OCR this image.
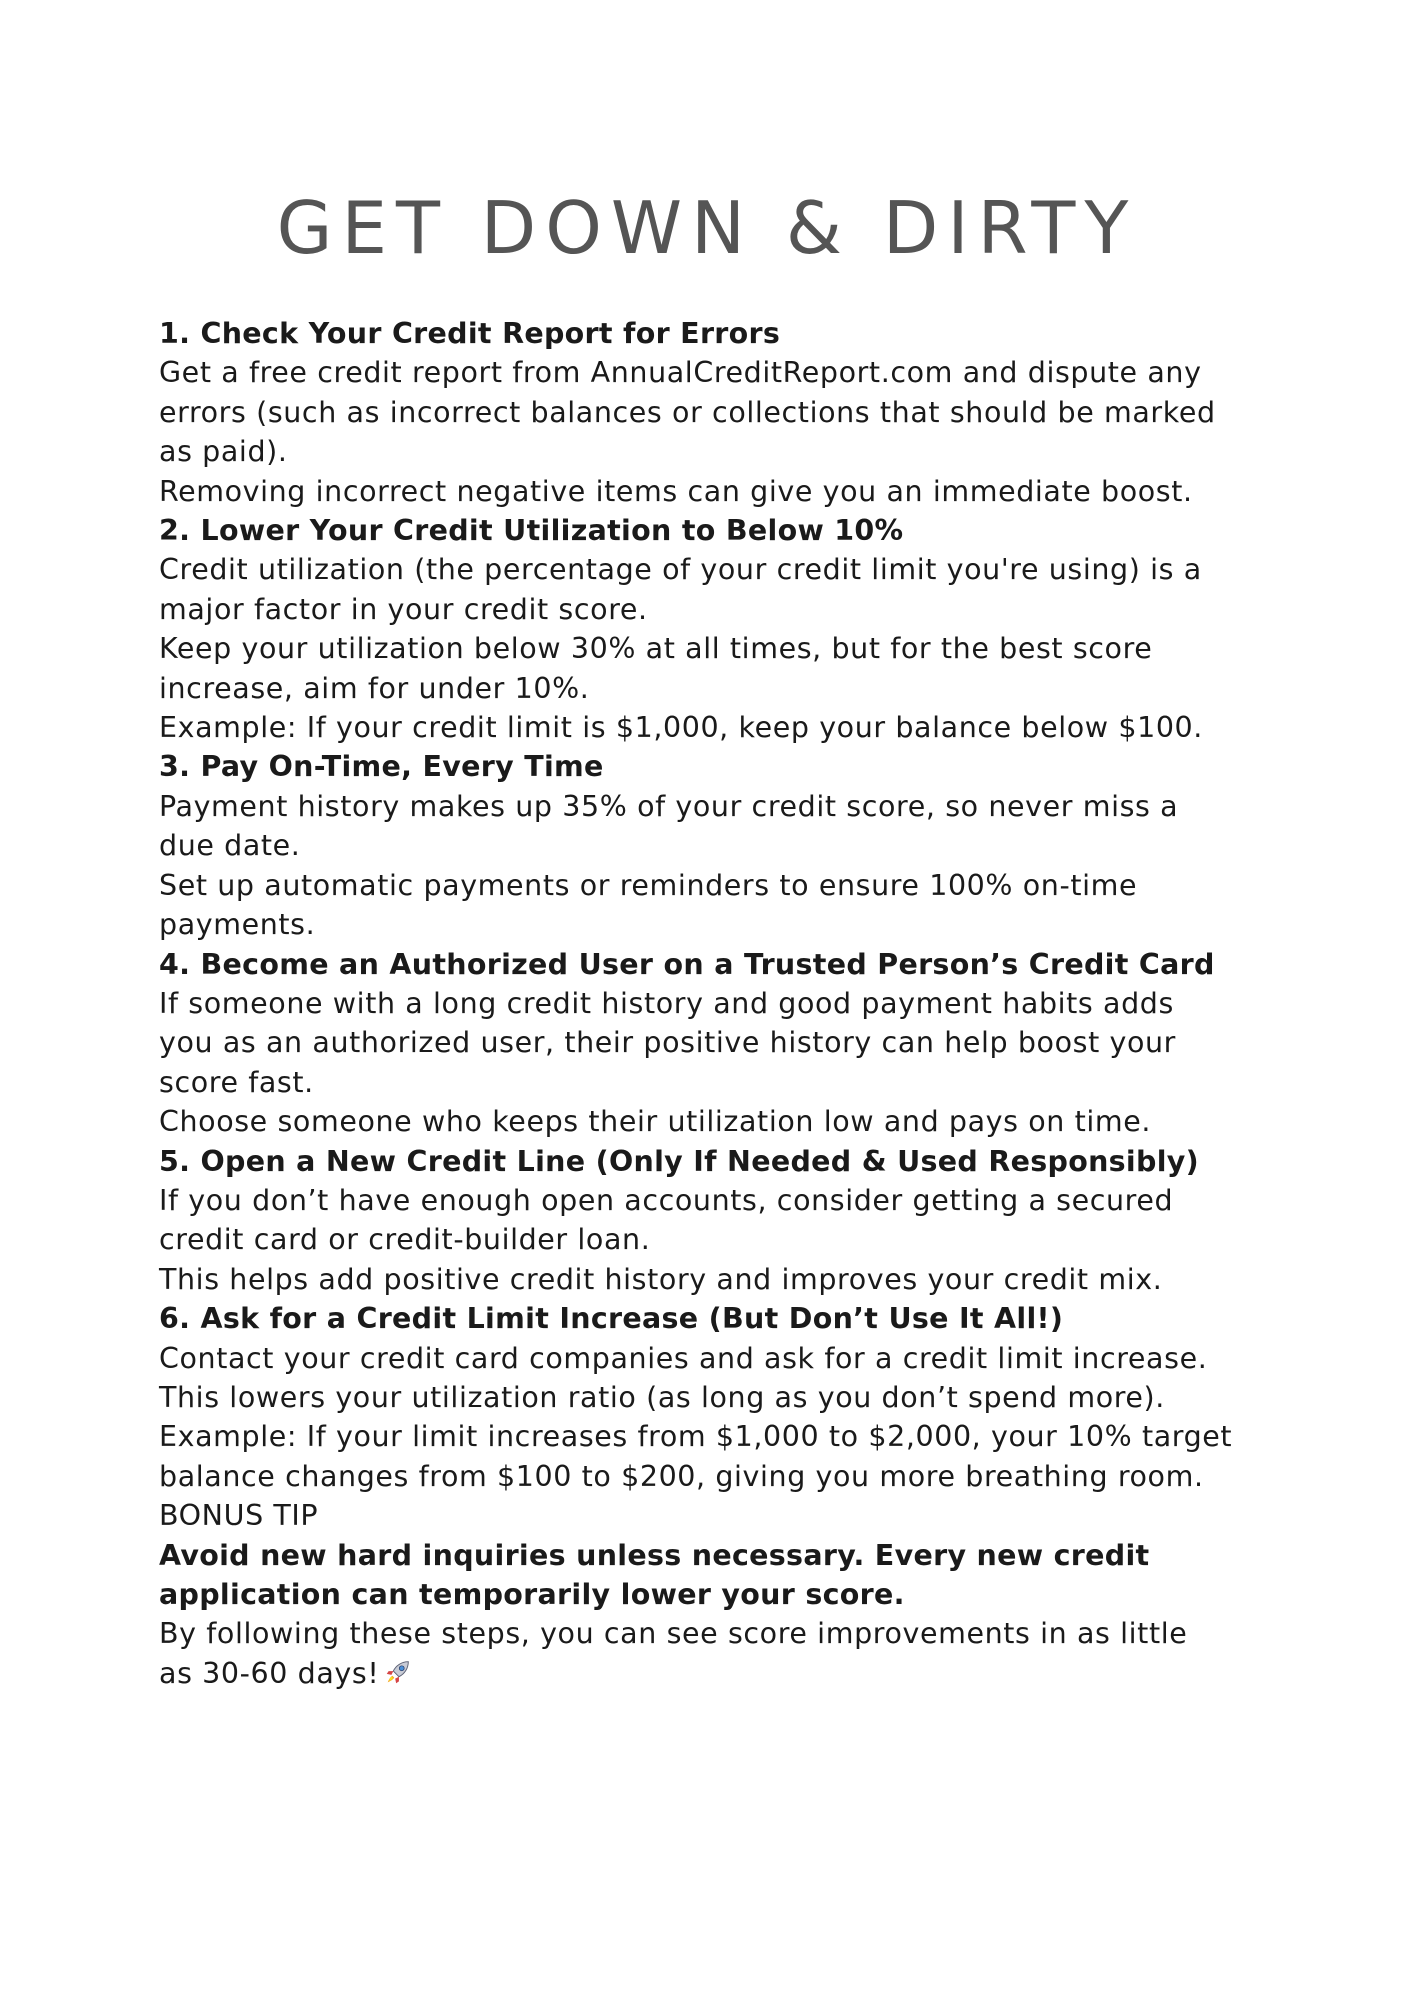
GET DOWN & DIRTY

1. Check Your Credit Report for Errors

Get a free credit report from AnnualCreditReport.com and dispute any

errors (such as incorrect balances or collections that should be marked

as paid).

Removing incorrect negative items can give you an immediate boost.

2. Lower Your Credit Utilization to Below 10%

Credit utilization (the percentage of your credit limit you're using) is a

major factor in your credit score.

Keep your utilization below 30% at all times, but for the best score

increase, aim for under 10%.

Example: If your credit limit is $1,000, keep your balance below $100.

3. Pay On-Time, Every Time

Payment history makes up 35% of your credit score, so never miss a

due date.

Set up automatic payments or reminders to ensure 100% on-time

payments.

4. Become an Authorized User on a Trusted Person’s Credit Card

If someone with a long credit history and good payment habits adds

you as an authorized user, their positive history can help boost your

score fast.

Choose someone who keeps their utilization low and pays on time.

5. Open a New Credit Line (Only If Needed & Used Responsibly)

If you don’t have enough open accounts, consider getting a secured

credit card or credit-builder loan.

This helps add positive credit history and improves your credit mix.

6. Ask for a Credit Limit Increase (But Don’t Use It All!)

Contact your credit card companies and ask for a credit limit increase.

This lowers your utilization ratio (as long as you don’t spend more).

Example: If your limit increases from $1,000 to $2,000, your 10% target

balance changes from $100 to $200, giving you more breathing room.

BONUS TIP

Avoid new hard inquiries unless necessary. Every new credit

application can temporarily lower your score.

By following these steps, you can see score improvements in as little

as 30-60 days!
